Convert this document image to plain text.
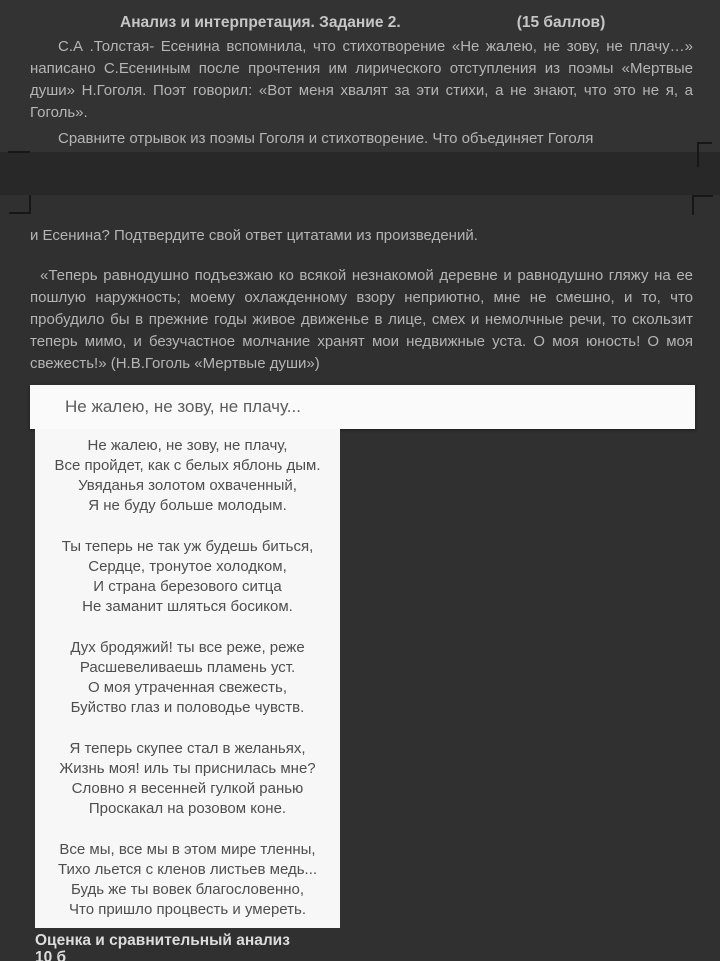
Анализ и интерпретация. Задание 2.	(15 баллов)

С.А .Толстая- Есенина вспомнила, что стихотворение «Не жалею, не зову, не плачу…» написано С.Есениным после прочтения им лирического отступления из поэмы «Мертвые души» Н.Гоголя. Поэт говорил: «Вот меня хвалят за эти стихи, а не знают, что это не я, а Гоголь».

Сравните отрывок из поэмы Гоголя и стихотворение. Что объединяет Гоголя

и Есенина? Подтвердите свой ответ цитатами из произведений.

«Теперь равнодушно подъезжаю ко всякой незнакомой деревне и равнодушно гляжу на ее пошлую наружность; моему охлажденному взору неприютно, мне не смешно, и то, что пробудило бы в прежние годы живое движенье в лице, смех и немолчные речи, то скользит теперь мимо, и безучастное молчание хранят мои недвижные уста. О моя юность! О моя свежесть!» (Н.В.Гоголь «Мертвые души»)

Не жалею, не зову, не плачу...
Не жалею, не зову, не плачу,
Все пройдет, как с белых яблонь дым.
Увяданья золотом охваченный,
Я не буду больше молодым.
Ты теперь не так уж будешь биться,
Сердце, тронутое холодком,
И страна березового ситца
Не заманит шляться босиком.
Дух бродяжий! ты все реже, реже
Расшевеливаешь пламень уст.
О моя утраченная свежесть,
Буйство глаз и половодье чувств.
Я теперь скупее стал в желаньях,
Жизнь моя! иль ты приснилась мне?
Словно я весенней гулкой ранью
Проскакал на розовом коне.
Все мы, все мы в этом мире тленны,
Тихо льется с кленов листьев медь...
Будь же ты вовек благословенно,
Что пришло процвесть и умереть.
Оценка и сравнительный анализ
10 б
